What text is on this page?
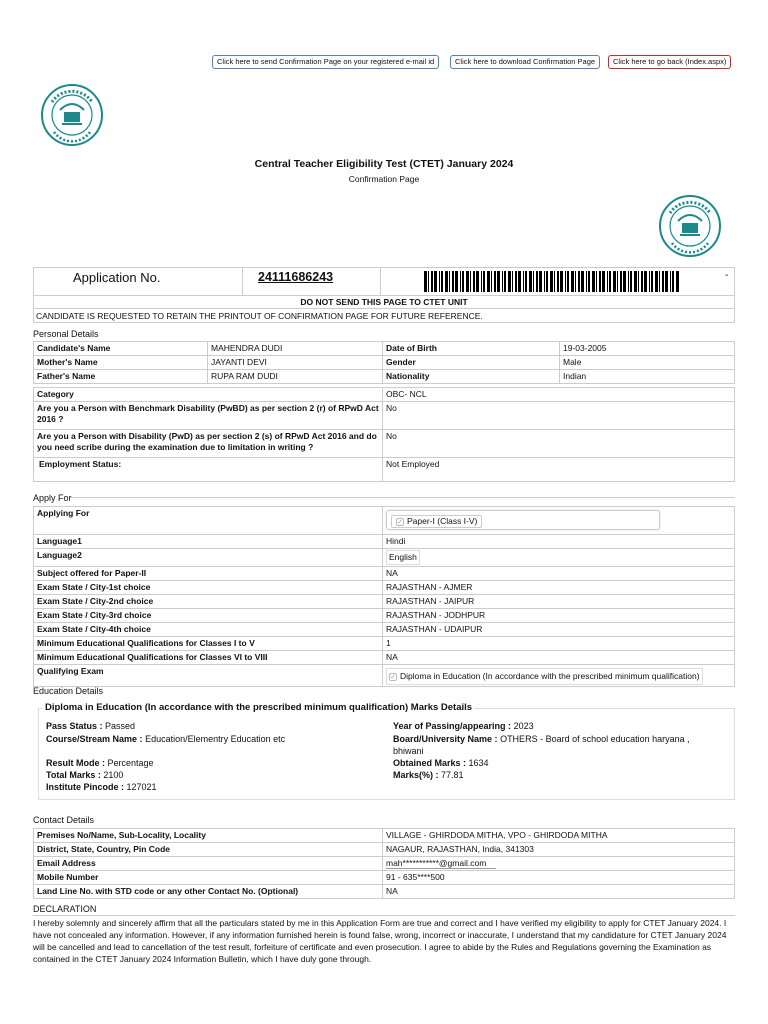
Click here to send Confirmation Page on your registered e-mail id	Click here to download Confirmation Page	Click here to go back (Index.aspx)
Central Teacher Eligibility Test (CTET) January 2024
Confirmation Page
Application No.	24111686243	-
DO NOT SEND THIS PAGE TO CTET UNIT
CANDIDATE IS REQUESTED TO RETAIN THE PRINTOUT OF CONFIRMATION PAGE FOR FUTURE REFERENCE.
Personal Details
Candidate's Name	MAHENDRA DUDI	Date of Birth	19-03-2005
Mother's Name	JAYANTI DEVI	Gender	Male
Father's Name	RUPA RAM DUDI	Nationality	Indian
Category	OBC- NCL
Are you a Person with Benchmark Disability (PwBD) as per section 2 (r) of RPwD Act 2016 ?	No
Are you a Person with Disability (PwD) as per section 2 (s) of RPwD Act 2016 and do you need scribe during the examination due to limitation in writing ?	No
Employment Status:	Not Employed
Apply For
Applying For	✓ Paper-I (Class I-V)

Language1	Hindi
Language2	English
Subject offered for Paper-II	NA
Exam State / City-1st choice	RAJASTHAN - AJMER
Exam State / City-2nd choice	RAJASTHAN - JAIPUR
Exam State / City-3rd choice	RAJASTHAN - JODHPUR
Exam State / City-4th choice	RAJASTHAN - UDAIPUR
Minimum Educational Qualifications for Classes I to V	1
Minimum Educational Qualifications for Classes VI to VIII	NA
Qualifying Exam	✓ Diploma in Education (In accordance with the prescribed minimum qualification)
Education Details
Diploma in Education (In accordance with the prescribed minimum qualification) Marks Details
Pass Status : Passed	Year of Passing/appearing : 2023
Course/Stream Name : Education/Elementry Education etc	Board/University Name : OTHERS - Board of school education haryana ,
bhiwani
Result Mode : Percentage	Obtained Marks : 1634
Total Marks : 2100	Marks(%) : 77.81
Institute Pincode : 127021
Contact Details
Premises No/Name, Sub-Locality, Locality	VILLAGE - GHIRDODA MITHA, VPO - GHIRDODA MITHA
District, State, Country, Pin Code	NAGAUR, RAJASTHAN, India, 341303
Email Address	mah***********@gmail.com
Mobile Number	91 - 635****500
Land Line No. with STD code or any other Contact No. (Optional)	NA
DECLARATION
I hereby solemnly and sincerely affirm that all the particulars stated by me in this Application Form are true and correct and I have verified my eligibility to apply for CTET January 2024. I have not concealed any information. However, if any information furnished herein is found false, wrong, incorrect or inaccurate, I understand that my candidature for CTET January 2024 will be cancelled and lead to cancellation of the test result, forfeiture of certificate and even prosecution. I agree to abide by the Rules and Regulations governing the Examination as contained in the CTET January 2024 Information Bulletin, which I have duly gone through.
